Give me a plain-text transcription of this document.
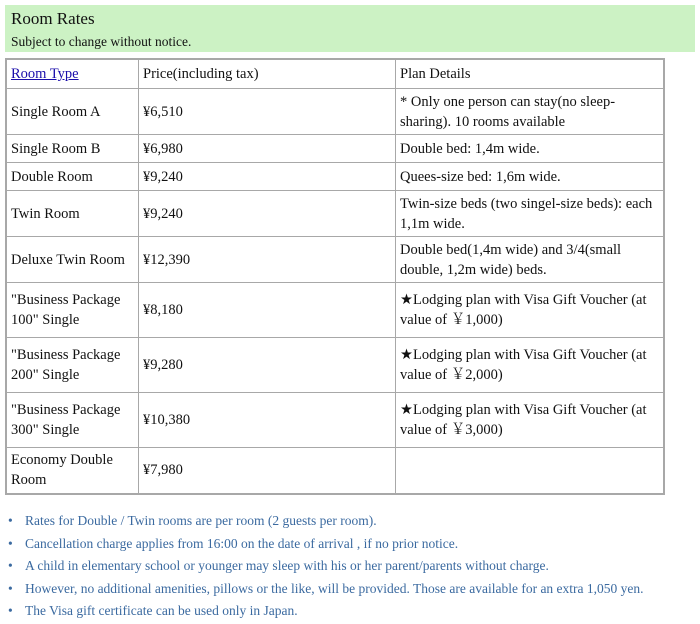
Room Rates
Subject to change without notice.
Room Type	Price(including tax)	Plan Details
Single Room A	¥6,510	* Only one person can stay(no sleep-sharing). 10 rooms available
Single Room B	¥6,980	Double bed: 1,4m wide.
Double Room	¥9,240	Quees-size bed: 1,6m wide.
Twin Room	¥9,240	Twin-size beds (two singel-size beds): each 1,1m wide.
Deluxe Twin Room	¥12,390	Double bed(1,4m wide) and 3/4(small double, 1,2m wide) beds.
"Business Package 100" Single	¥8,180	★Lodging plan with Visa Gift Voucher (at value of ￥1,000)
"Business Package 200" Single	¥9,280	★Lodging plan with Visa Gift Voucher (at value of ￥2,000)
"Business Package 300" Single	¥10,380	★Lodging plan with Visa Gift Voucher (at value of ￥3,000)
Economy Double Room	¥7,980	
• Rates for Double / Twin rooms are per room (2 guests per room).
• Cancellation charge applies from 16:00 on the date of arrival , if no prior notice.
• A child in elementary school or younger may sleep with his or her parent/parents without charge.
• However, no additional amenities, pillows or the like, will be provided. Those are available for an extra 1,050 yen.
• The Visa gift certificate can be used only in Japan.
